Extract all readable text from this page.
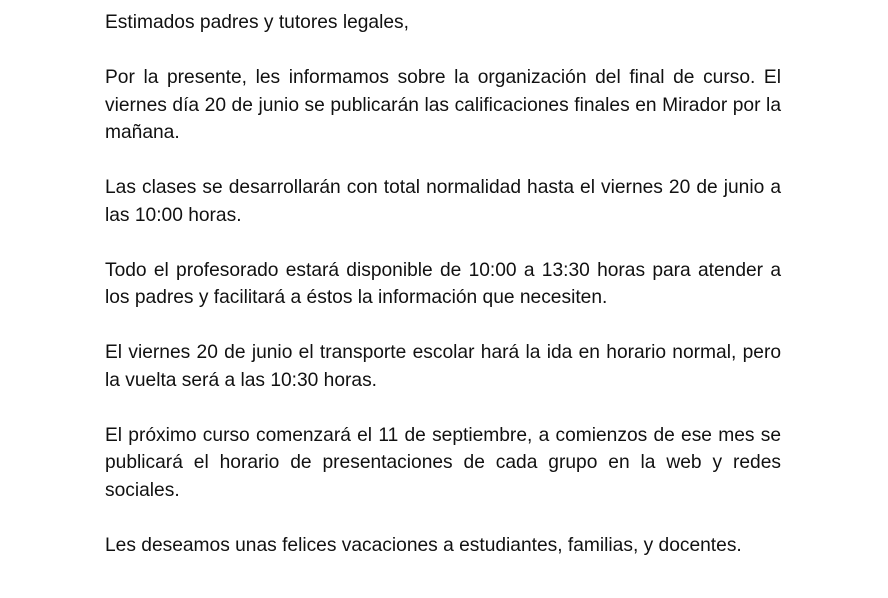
Estimados padres y tutores legales,

Por la presente, les informamos sobre la organización del final de curso. El viernes día 20 de junio se publicarán las calificaciones finales en Mirador por la mañana.

Las clases se desarrollarán con total normalidad hasta el viernes 20 de junio a las 10:00 horas.

Todo el profesorado estará disponible de 10:00 a 13:30 horas para atender a los padres y facilitará a éstos la información que necesiten.

El viernes 20 de junio el transporte escolar hará la ida en horario normal, pero la vuelta será a las 10:30 horas.

El próximo curso comenzará el 11 de septiembre, a comienzos de ese mes se publicará el horario de presentaciones de cada grupo en la web y redes sociales.

Les deseamos unas felices vacaciones a estudiantes, familias, y docentes.
